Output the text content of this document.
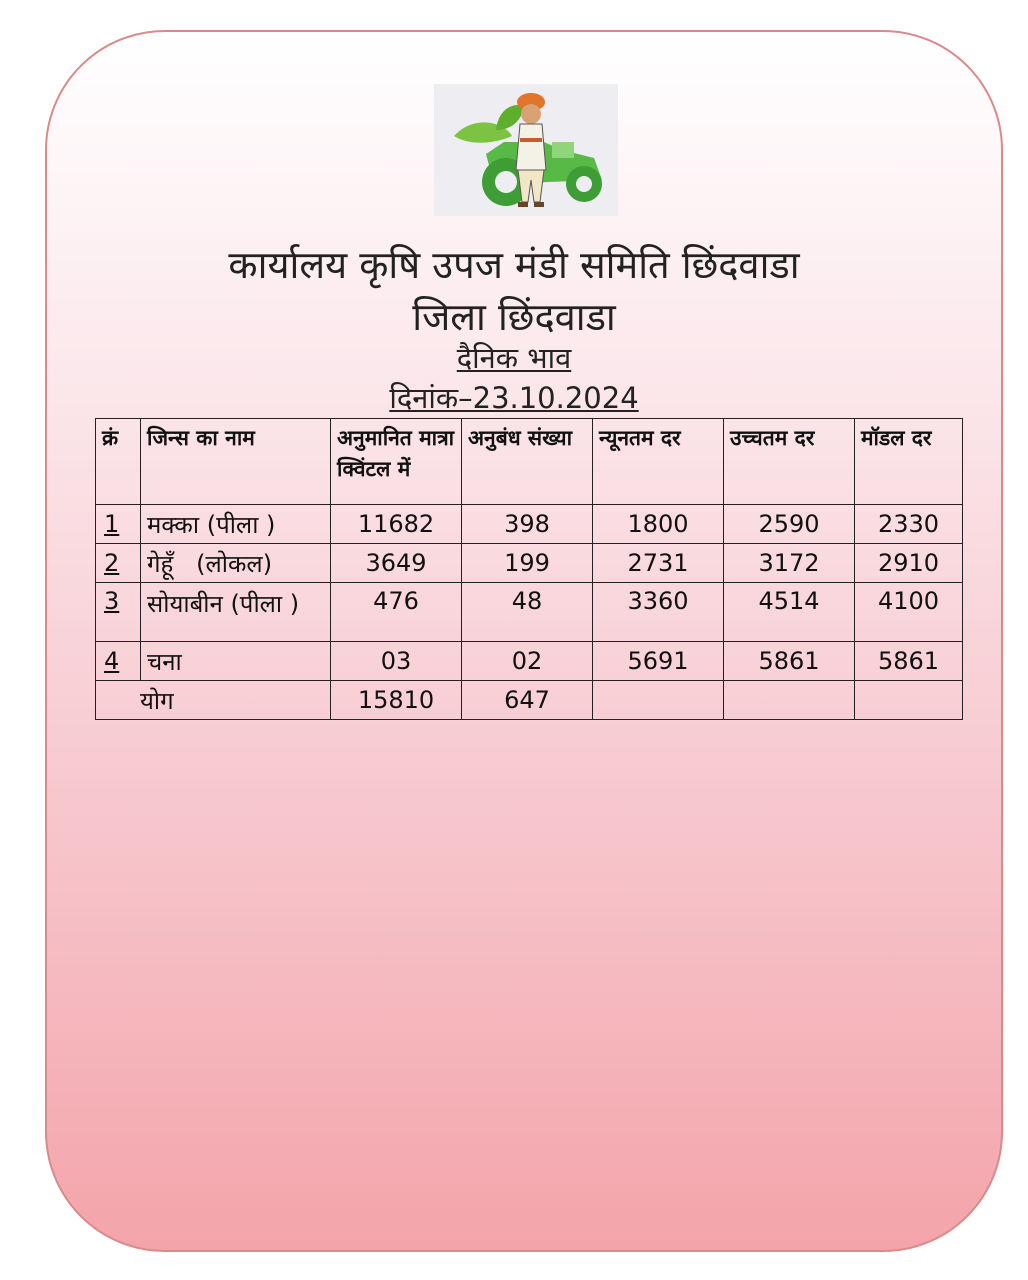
कार्यालय कृषि उपज मंडी समिति छिंदवाडा
जिला छिंदवाडा
दैनिक भाव
दिनांक–23.10.2024
क्रं	जिन्स का नाम	अनुमानित मात्रा क्विंटल में	अनुबंध संख्या	न्यूनतम दर	उच्चतम दर	मॉडल दर
1	मक्का (पीला )	11682	398	1800	2590	2330
2	गेहूँ   (लोकल)	3649	199	2731	3172	2910
3	सोयाबीन (पीला )	476	48	3360	4514	4100
4	चना	03	02	5691	5861	5861
योग		15810	647			
